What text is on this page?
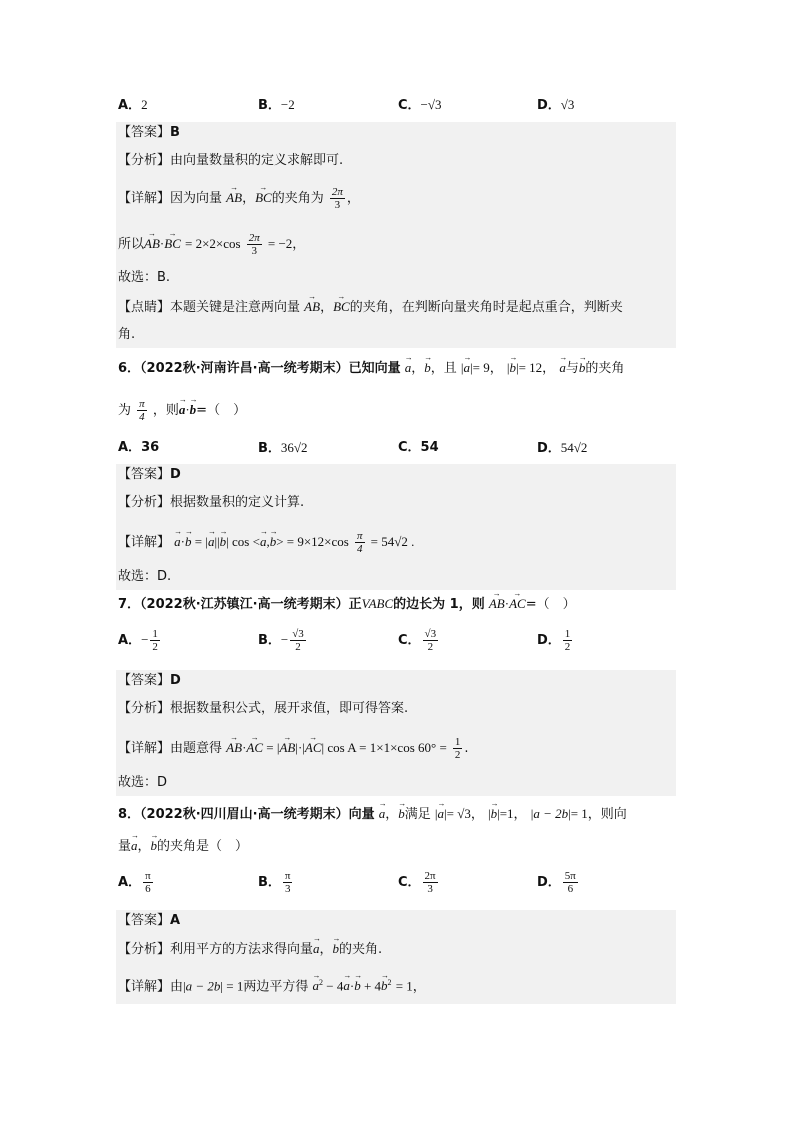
A．2	B．−2	C．−√3	D．√3
【答案】B
【分析】由向量数量积的定义求解即可.
【详解】因为向量 → AB，→ BC的夹角为 $\frac{2\pi}{3}$ ，
所以→ AB·→ BC = $2\times 2\times\cos \frac{2\pi}{3} = -2$，
故选：B.
【点睛】本题关键是注意两向量 → AB，→ BC的夹角，在判断向量夹角时是起点重合，判断夹
角.
6．（2022秋·河南许昌·高一统考期末）已知向量 → a，→ b，且 |→ a|= 9， |→ b|= 12， → a与→ b的夹角
为 $\frac{\pi}{4}$ ，则→ a·→ b=（　）
A．36	B．36√2	C．54	D．54√2
【答案】D
【分析】根据数量积的定义计算.
【详解】 → a·→ b = |→ a||→ b| $\cos <\to a,\to b> = 9\times 12\times\cos \frac{\pi}{4} = 54√2$ .
故选：D.
7．（2022秋·江苏镇江·高一统考期末）正VABC的边长为 1，则 → AB·→ AC=（　）
A．− $\frac{1}{2}$	B．− $\frac{√3}{2}$	C． $\frac{√3}{2}$	D． $\frac{1}{2}$
【答案】D
【分析】根据数量积公式，展开求值，即可得答案.
【详解】由题意得 → AB·→ AC = |→ AB|·|→ AC| cos A = 1×1×cos $60^\circ = \frac{1}{2}$ .
故选：D
8．（2022秋·四川眉山·高一统考期末）向量 → a，→ b满足 |→ a|= √3， |→ b|=1， |a − 2b|= 1，则向
量→ a，→ b的夹角是（　）
A． $\frac{\pi}{6}$	B． $\frac{\pi}{3}$	C． $\frac{2\pi}{3}$	D． $\frac{5\pi}{6}$
【答案】A
【分析】利用平方的方法求得向量→ a，→ b的夹角.
【详解】由|a − 2b| = 1两边平方得 → $a^2 - 4\to a\cdot\to b + 4\to b^2 = 1$，
